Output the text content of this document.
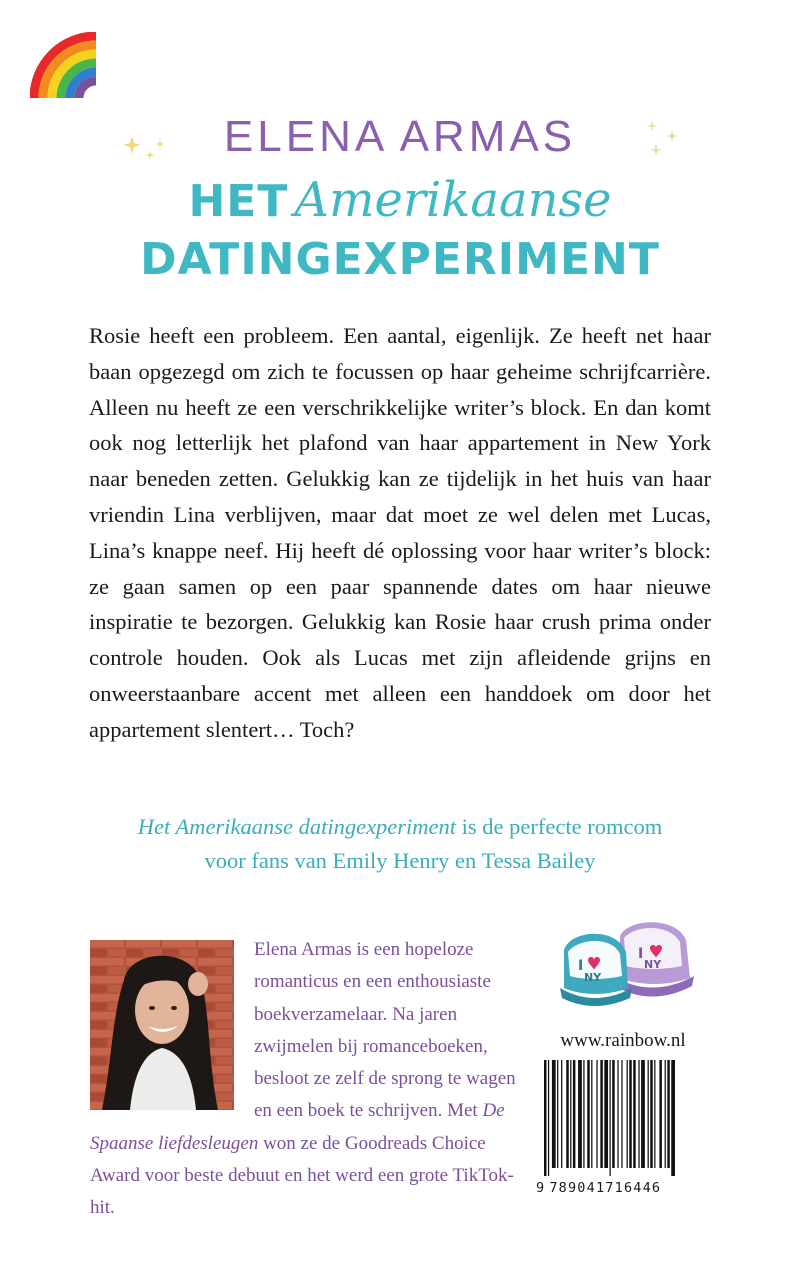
ELENA ARMAS
HET Amerikaanse
DATINGEXPERIMENT

Rosie heeft een probleem. Een aantal, eigenlijk. Ze heeft net haar baan opgezegd om zich te focussen op haar geheime schrijfcarrière. Alleen nu heeft ze een verschrikkelijke writer’s block. En dan komt ook nog letterlijk het plafond van haar appartement in New York naar beneden zetten. Gelukkig kan ze tijdelijk in het huis van haar vriendin Lina verblijven, maar dat moet ze wel delen met Lucas, Lina’s knappe neef. Hij heeft dé oplossing voor haar writer’s block: ze gaan samen op een paar spannende dates om haar nieuwe inspiratie te bezorgen. Gelukkig kan Rosie haar crush prima onder controle houden. Ook als Lucas met zijn afleidende grijns en onweerstaanbare accent met alleen een handdoek om door het appartement slentert… Toch?

Het Amerikaanse datingexperiment is de perfecte romcom
voor fans van Emily Henry en Tessa Bailey
Elena Armas is een hopeloze romanticus en een enthousiaste boekverzamelaar. Na jaren zwijmelen bij romanceboeken, besloot ze zelf de sprong te wagen en een boek te schrijven. Met De Spaanse liefdesleugen won ze de Goodreads Choice Award voor beste debuut en het werd een grote TikTok-hit.
I
NY
I
NY
www.rainbow.nl
9 789041716446
